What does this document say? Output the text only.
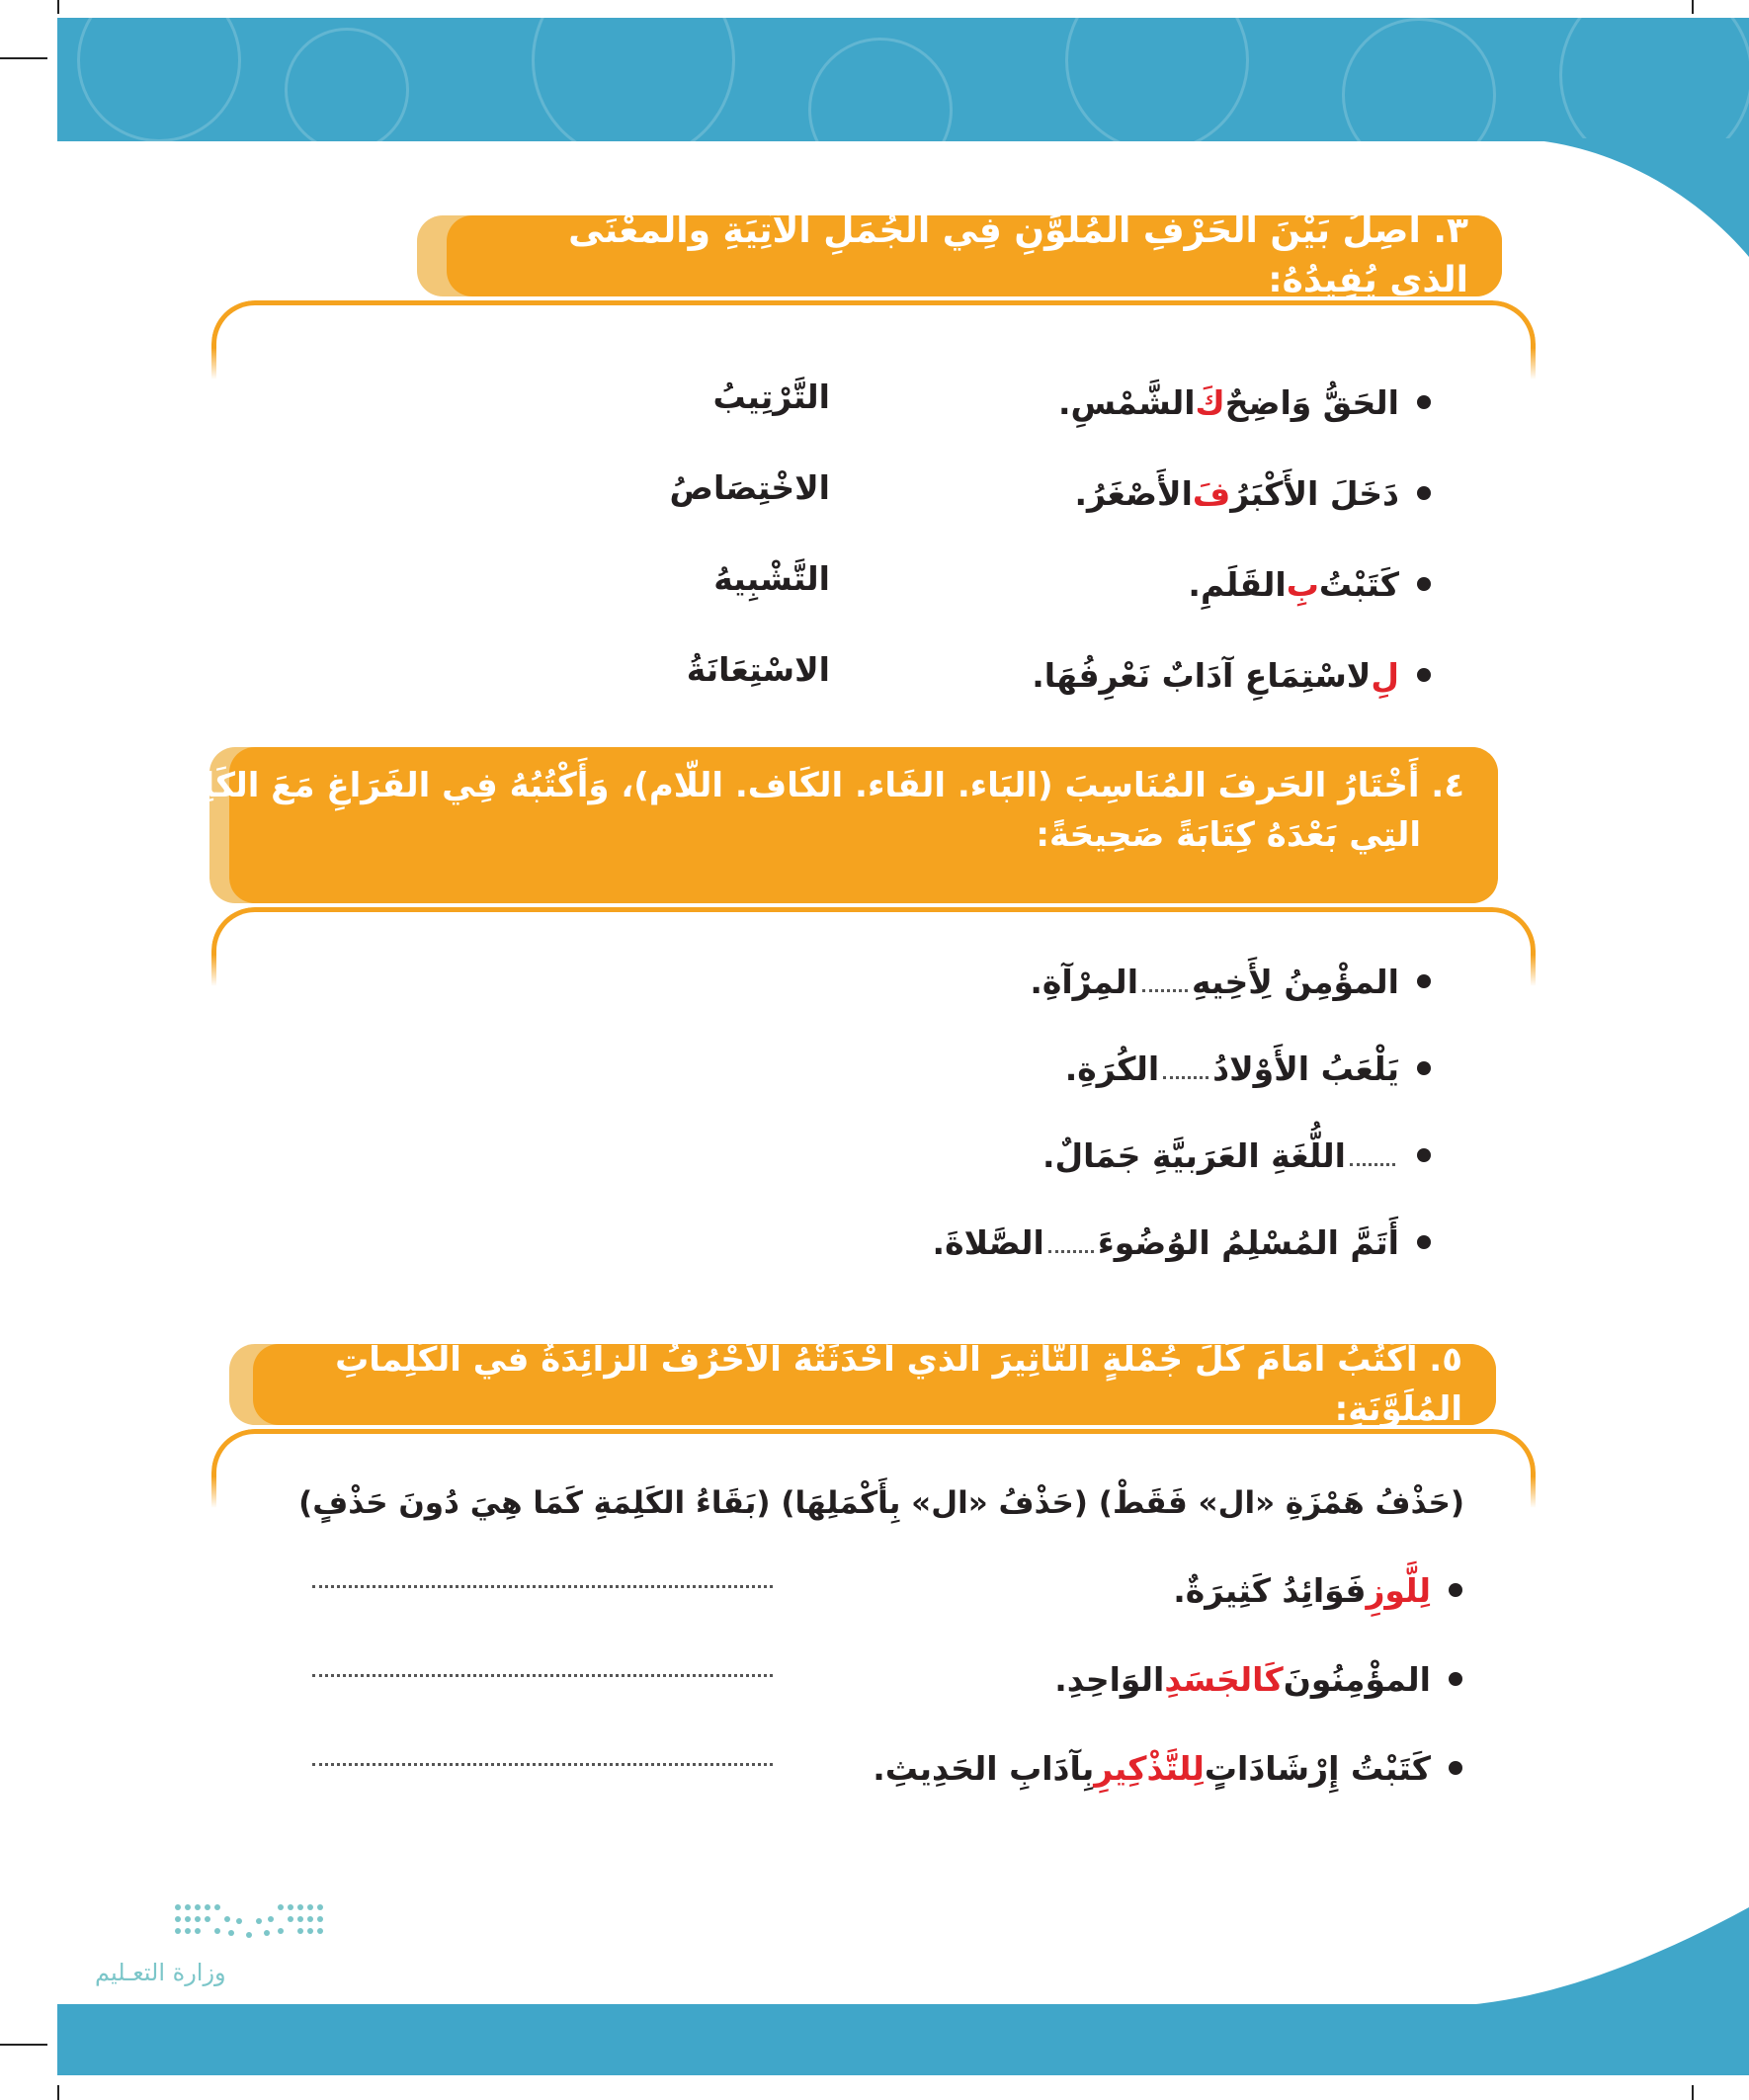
٣. أَصِلُ بَيْنَ الحَرْفِ المُلَوَّنِ فِي الجُمَلِ الآتِيَةِ والمعْنَى الذي يُفِيدُهُ:
الحَقُّ وَاضِحٌ
كَ
الشَّمْسِ.
دَخَلَ الأَكْبَرُ
فَ
الأَصْغَرُ.
كَتَبْتُ
بِ
القَلَمِ.
لِ
لاسْتِمَاعِ آدَابٌ نَعْرِفُهَا.
التَّرْتِيبُ
الاخْتِصَاصُ
التَّشْبِيهُ
الاسْتِعَانَةُ
٤. أَخْتَارُ الحَرفَ المُنَاسِبَ (البَاء. الفَاء. الكَاف. اللّام)، وَأَكْتُبُهُ فِي الفَرَاغِ مَعَ الكَلِمَةِ
التِي بَعْدَهُ كِتَابَةً صَحِيحَةً:
المؤْمِنُ لِأَخِيهِ
المِرْآةِ.
يَلْعَبُ الأَوْلادُ
الكُرَةِ.
اللُّغَةِ العَرَبيَّةِ جَمَالٌ.
أَتَمَّ المُسْلِمُ الوُضُوءَ
الصَّلاةَ.
٥. أَكْتُبُ أَمَامَ كُلِّ جُمْلَةٍ التَّأْثِيرَ الذي أَحْدَثَتْهُ الأَحْرُفُ الزائِدَةُ في الكَلِماتِ المُلَوَّنَةِ:
(حَذْفُ هَمْزَةِ «ال» فَقَطْ) (حَذْفُ «ال» بِأَكْمَلِهَا) (بَقَاءُ الكَلِمَةِ كَمَا هِيَ دُونَ حَذْفٍ)
لِلَّوزِ
فَوَائِدُ كَثِيرَةٌ.
المؤْمِنُونَ
كَالجَسَدِ
الوَاحِدِ.
كَتَبْتُ إِرْشَادَاتٍ
لِلتَّذْكِيرِ
بِآدَابِ الحَدِيثِ.
وزارة التعـليم
٦٠
